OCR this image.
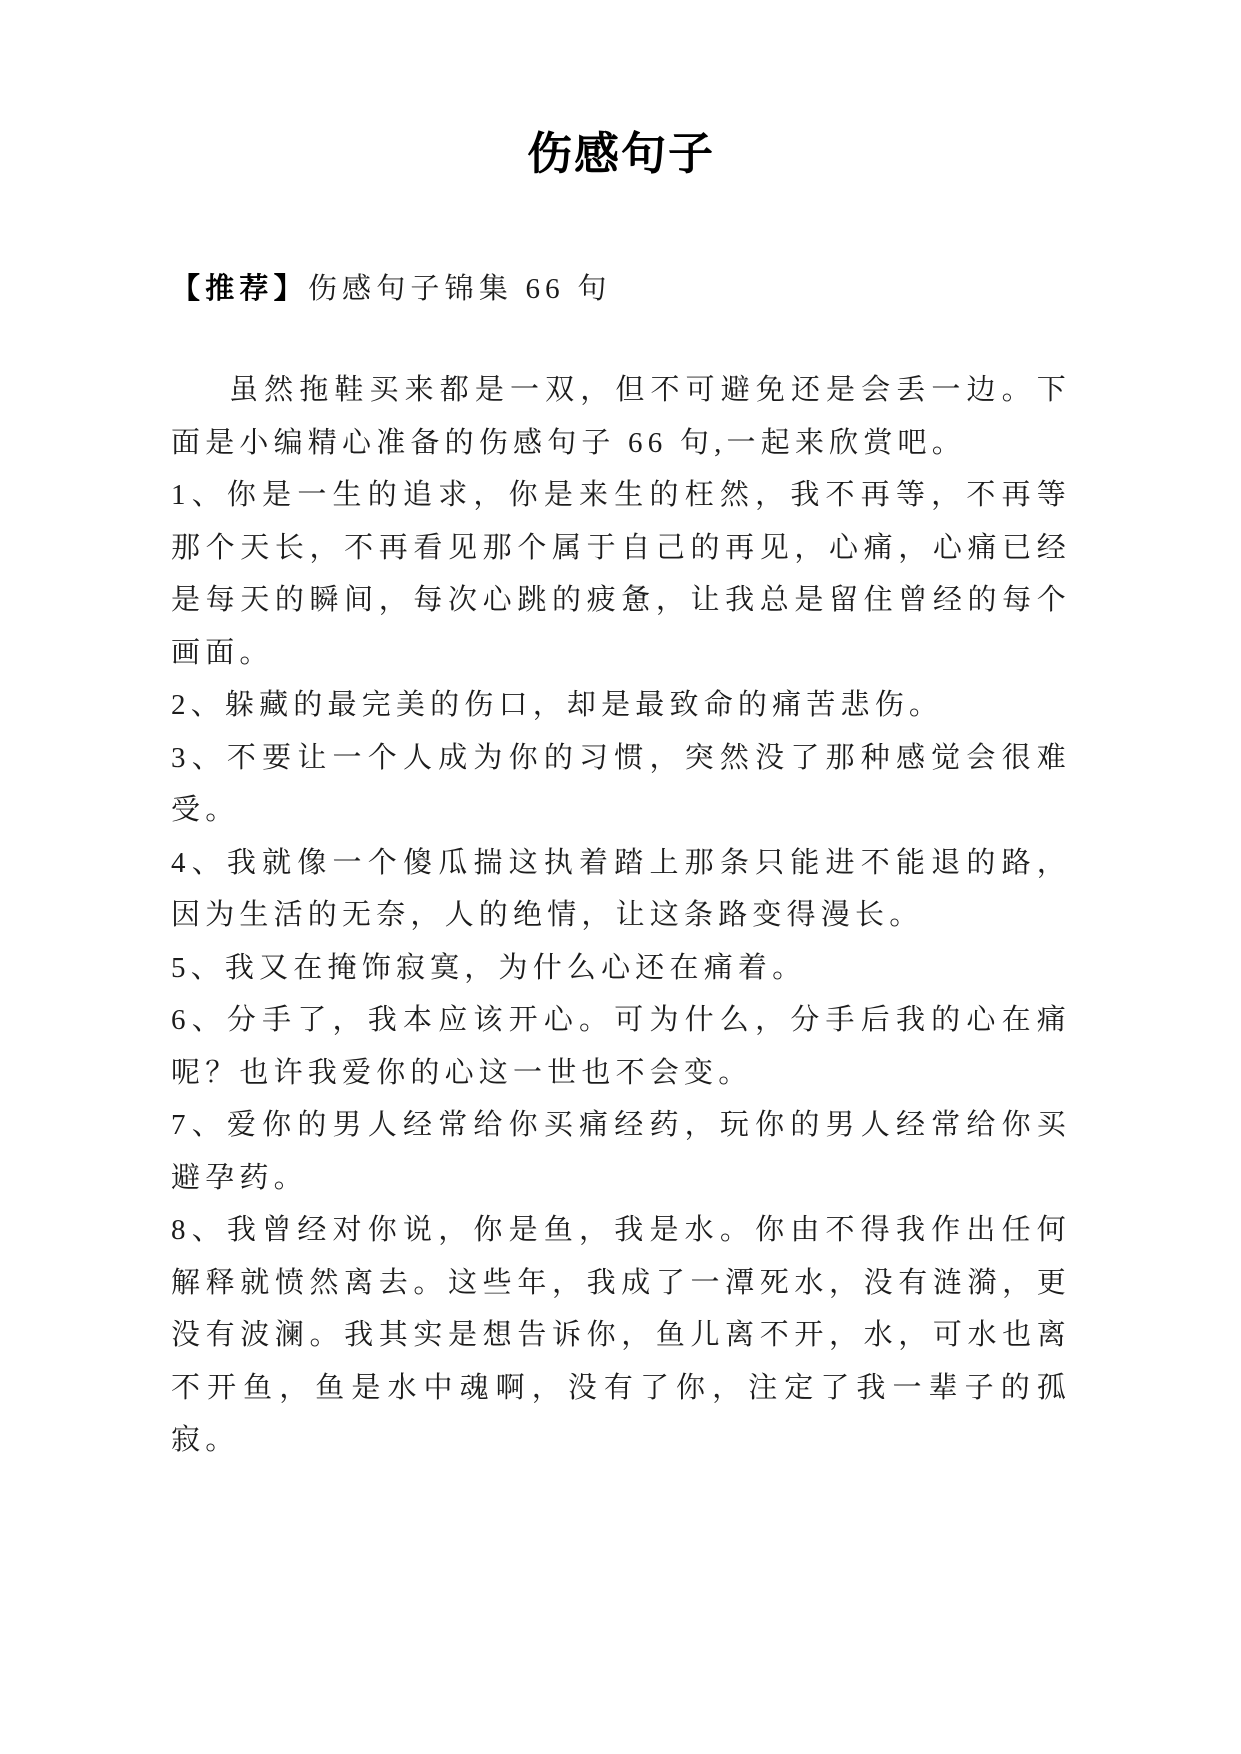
伤感句子

【推荐】伤感句子锦集 66 句

虽然拖鞋买来都是一双，但不可避免还是会丢一边。下面是小编精心准备的伤感句子 66 句,一起来欣赏吧。

1、你是一生的追求，你是来生的枉然，我不再等，不再等那个天长，不再看见那个属于自己的再见，心痛，心痛已经是每天的瞬间，每次心跳的疲惫，让我总是留住曾经的每个画面。

2、躲藏的最完美的伤口，却是最致命的痛苦悲伤。

3、不要让一个人成为你的习惯，突然没了那种感觉会很难受。

4、我就像一个傻瓜揣这执着踏上那条只能进不能退的路，因为生活的无奈，人的绝情，让这条路变得漫长。

5、我又在掩饰寂寞，为什么心还在痛着。

6、分手了，我本应该开心。可为什么，分手后我的心在痛呢？也许我爱你的心这一世也不会变。

7、爱你的男人经常给你买痛经药，玩你的男人经常给你买避孕药。

8、我曾经对你说，你是鱼，我是水。你由不得我作出任何解释就愤然离去。这些年，我成了一潭死水，没有涟漪，更没有波澜。我其实是想告诉你，鱼儿离不开，水，可水也离不开鱼，鱼是水中魂啊，没有了你，注定了我一辈子的孤寂。
